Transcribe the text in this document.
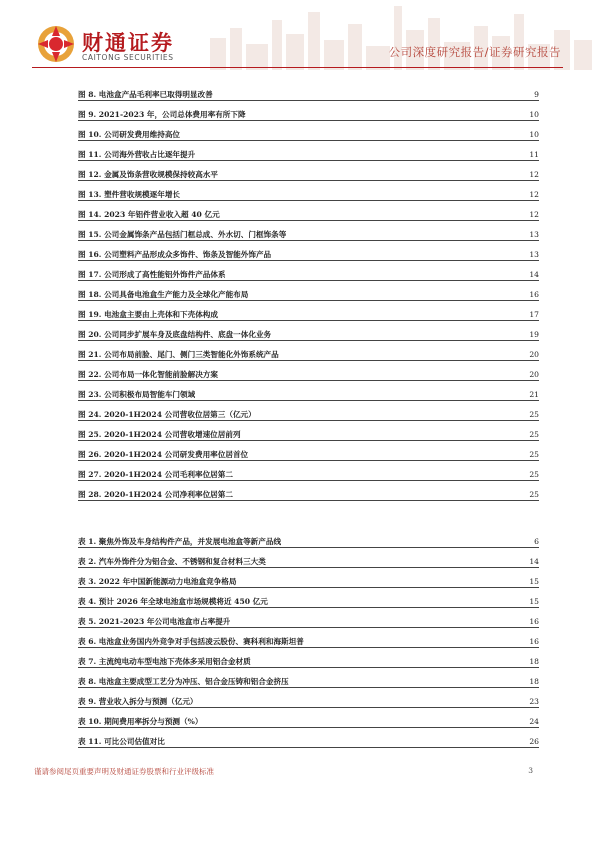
财通证券
CAITONG SECURITIES	公司深度研究报告/证券研究报告
图 8. 电池盒产品毛利率已取得明显改善	9
图 9. 2021-2023 年，公司总体费用率有所下降	10
图 10. 公司研发费用维持高位	10
图 11. 公司海外营收占比逐年提升	11
图 12. 金属及饰条营收规模保持较高水平	12
图 13. 塑件营收规模逐年增长	12
图 14. 2023 年铝件营业收入超 40 亿元	12
图 15. 公司金属饰条产品包括门框总成、外水切、门框饰条等	13
图 16. 公司塑料产品形成众多饰件、饰条及智能外饰产品	13
图 17. 公司形成了高性能铝外饰件产品体系	14
图 18. 公司具备电池盒生产能力及全球化产能布局	16
图 19. 电池盒主要由上壳体和下壳体构成	17
图 20. 公司同步扩展车身及底盘结构件、底盘一体化业务	19
图 21. 公司布局前脸、尾门、侧门三类智能化外饰系统产品	20
图 22. 公司布局一体化智能前脸解决方案	20
图 23. 公司积极布局智能车门领域	21
图 24. 2020-1H2024 公司营收位居第三（亿元）	25
图 25. 2020-1H2024 公司营收增速位居前列	25
图 26. 2020-1H2024 公司研发费用率位居首位	25
图 27. 2020-1H2024 公司毛利率位居第二	25
图 28. 2020-1H2024 公司净利率位居第二	25
表 1. 聚焦外饰及车身结构件产品，并发展电池盒等新产品线	6
表 2. 汽车外饰件分为铝合金、不锈钢和复合材料三大类	14
表 3. 2022 年中国新能源动力电池盒竞争格局	15
表 4. 预计 2026 年全球电池盒市场规模将近 450 亿元	15
表 5. 2021-2023 年公司电池盒市占率提升	16
表 6. 电池盒业务国内外竞争对手包括凌云股份、赛科利和海斯坦普	16
表 7. 主流纯电动车型电池下壳体多采用铝合金材质	18
表 8. 电池盒主要成型工艺分为冲压、铝合金压铸和铝合金挤压	18
表 9. 营业收入拆分与预测（亿元）	23
表 10. 期间费用率拆分与预测（%）	24
表 11. 可比公司估值对比	26
谨请参阅尾页重要声明及财通证券股票和行业评级标准	3
